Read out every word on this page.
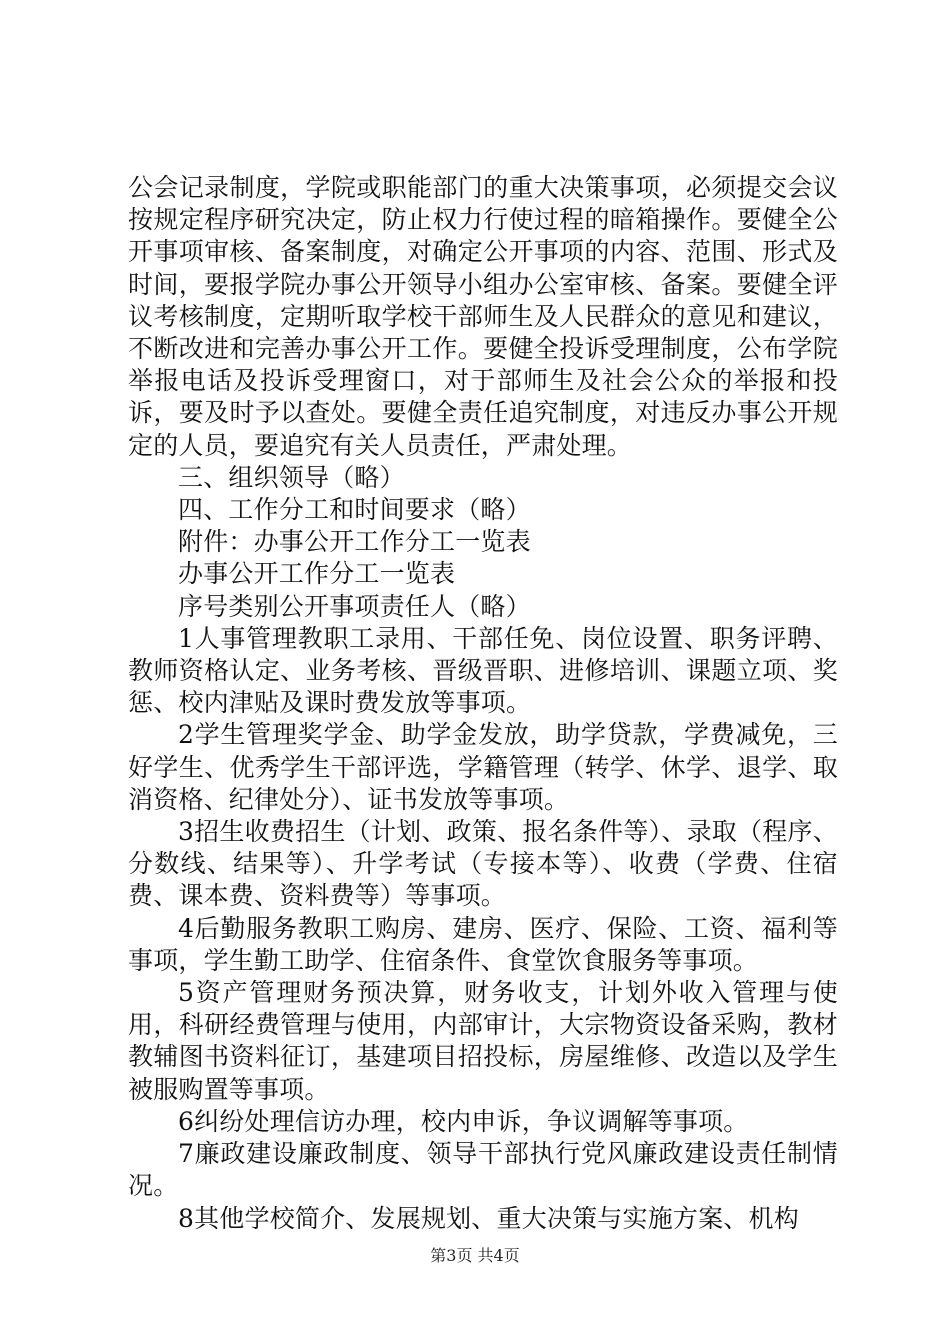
公会记录制度，学院或职能部门的重大决策事项，必须提交会议按规定程序研究决定，防止权力行使过程的暗箱操作。要健全公开事项审核、备案制度，对确定公开事项的内容、范围、形式及时间，要报学院办事公开领导小组办公室审核、备案。要健全评议考核制度，定期听取学校干部师生及人民群众的意见和建议，不断改进和完善办事公开工作。要健全投诉受理制度，公布学院举报电话及投诉受理窗口，对于部师生及社会公众的举报和投诉，要及时予以查处。要健全责任追究制度，对违反办事公开规定的人员，要追究有关人员责任，严肃处理。

三、组织领导（略）

四、工作分工和时间要求（略）

附件：办事公开工作分工一览表

办事公开工作分工一览表

序号类别公开事项责任人（略）

1人事管理教职工录用、干部任免、岗位设置、职务评聘、教师资格认定、业务考核、晋级晋职、进修培训、课题立项、奖惩、校内津贴及课时费发放等事项。

2学生管理奖学金、助学金发放，助学贷款，学费减免，三好学生、优秀学生干部评选，学籍管理（转学、休学、退学、取消资格、纪律处分）、证书发放等事项。

3招生收费招生（计划、政策、报名条件等）、录取（程序、分数线、结果等）、升学考试（专接本等）、收费（学费、住宿费、课本费、资料费等）等事项。

4后勤服务教职工购房、建房、医疗、保险、工资、福利等事项，学生勤工助学、住宿条件、食堂饮食服务等事项。

5资产管理财务预决算，财务收支，计划外收入管理与使用，科研经费管理与使用，内部审计，大宗物资设备采购，教材教辅图书资料征订，基建项目招投标，房屋维修、改造以及学生被服购置等事项。

6纠纷处理信访办理，校内申诉，争议调解等事项。

7廉政建设廉政制度、领导干部执行党风廉政建设责任制情况。

8其他学校简介、发展规划、重大决策与实施方案、机构

第3页 共4页
